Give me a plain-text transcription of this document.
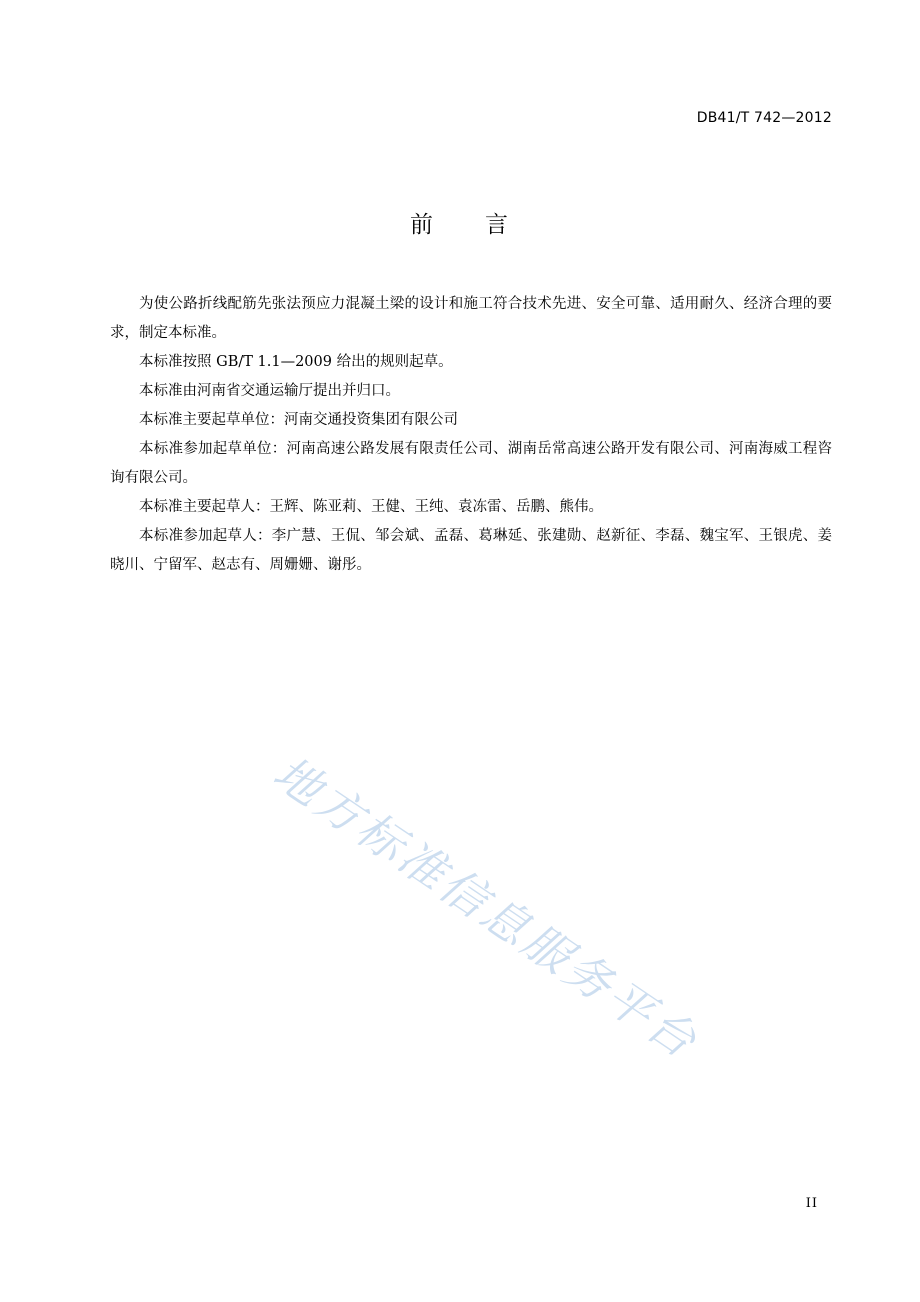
DB41/T 742—2012
前 言

为使公路折线配筋先张法预应力混凝土梁的设计和施工符合技术先进、安全可靠、适用耐久、经济合理的要求，制定本标准。

本标准按照 GB/T 1.1—2009 给出的规则起草。

本标准由河南省交通运输厅提出并归口。

本标准主要起草单位：河南交通投资集团有限公司

本标准参加起草单位：河南高速公路发展有限责任公司、湖南岳常高速公路开发有限公司、河南海威工程咨询有限公司。

本标准主要起草人：王辉、陈亚莉、王健、王纯、袁冻雷、岳鹏、熊伟。

本标准参加起草人：李广慧、王侃、邹会斌、孟磊、葛琳延、张建勋、赵新征、李磊、魏宝军、王银虎、姜晓川、宁留军、赵志有、周姗姗、谢彤。

地方标准信息服务平台
II
